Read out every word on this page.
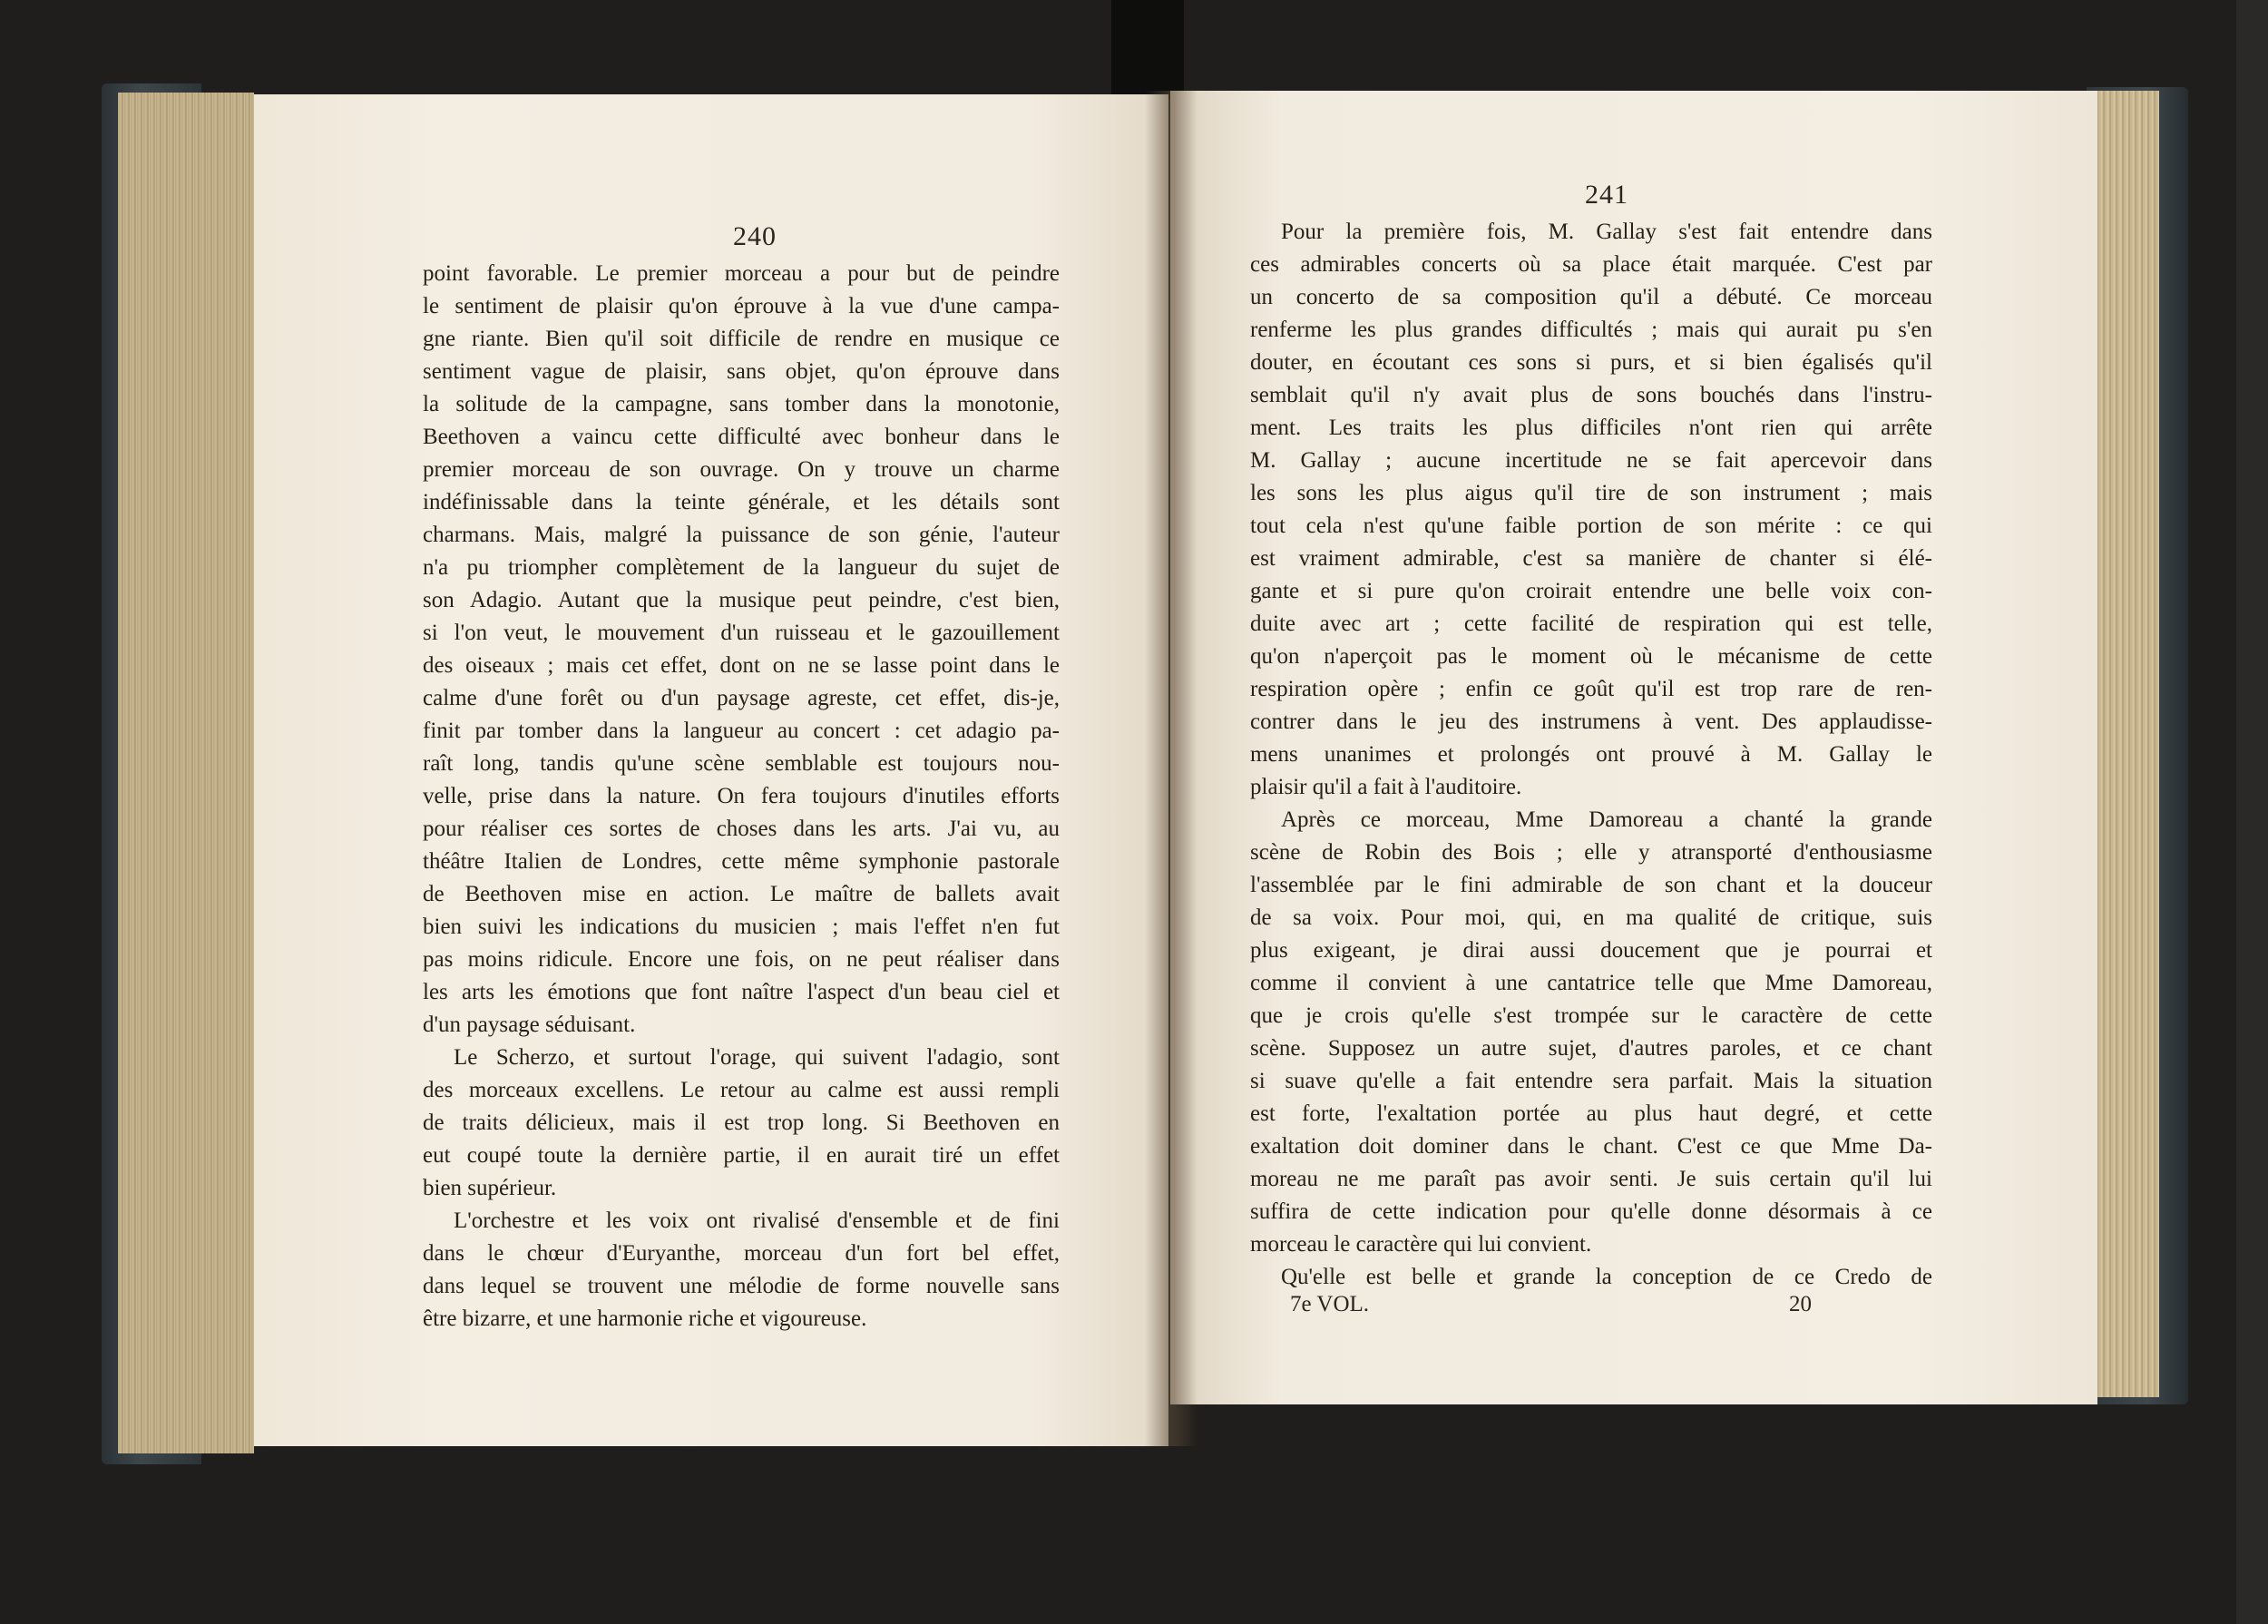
240
point favorable. Le premier morceau a pour but de peindre
le sentiment de plaisir qu'on éprouve à la vue d'une campa-
gne riante. Bien qu'il soit difficile de rendre en musique ce
sentiment vague de plaisir, sans objet, qu'on éprouve dans
la solitude de la campagne, sans tomber dans la monotonie,
Beethoven a vaincu cette difficulté avec bonheur dans le
premier morceau de son ouvrage. On y trouve un charme
indéfinissable dans la teinte générale, et les détails sont
charmans. Mais, malgré la puissance de son génie, l'auteur
n'a pu triompher complètement de la langueur du sujet de
son Adagio. Autant que la musique peut peindre, c'est bien,
si l'on veut, le mouvement d'un ruisseau et le gazouillement
des oiseaux ; mais cet effet, dont on ne se lasse point dans le
calme d'une forêt ou d'un paysage agreste, cet effet, dis-je,
finit par tomber dans la langueur au concert : cet adagio pa-
raît long, tandis qu'une scène semblable est toujours nou-
velle, prise dans la nature. On fera toujours d'inutiles efforts
pour réaliser ces sortes de choses dans les arts. J'ai vu, au
théâtre Italien de Londres, cette même symphonie pastorale
de Beethoven mise en action. Le maître de ballets avait
bien suivi les indications du musicien ; mais l'effet n'en fut
pas moins ridicule. Encore une fois, on ne peut réaliser dans
les arts les émotions que font naître l'aspect d'un beau ciel et
d'un paysage séduisant.
Le Scherzo, et surtout l'orage, qui suivent l'adagio, sont
des morceaux excellens. Le retour au calme est aussi rempli
de traits délicieux, mais il est trop long. Si Beethoven en
eut coupé toute la dernière partie, il en aurait tiré un effet
bien supérieur.
L'orchestre et les voix ont rivalisé d'ensemble et de fini
dans le chœur d'Euryanthe, morceau d'un fort bel effet,
dans lequel se trouvent une mélodie de forme nouvelle sans
être bizarre, et une harmonie riche et vigoureuse.
241
Pour la première fois, M. Gallay s'est fait entendre dans
ces admirables concerts où sa place était marquée. C'est par
un concerto de sa composition qu'il a débuté. Ce morceau
renferme les plus grandes difficultés ; mais qui aurait pu s'en
douter, en écoutant ces sons si purs, et si bien égalisés qu'il
semblait qu'il n'y avait plus de sons bouchés dans l'instru-
ment. Les traits les plus difficiles n'ont rien qui arrête
M. Gallay ; aucune incertitude ne se fait apercevoir dans
les sons les plus aigus qu'il tire de son instrument ; mais
tout cela n'est qu'une faible portion de son mérite : ce qui
est vraiment admirable, c'est sa manière de chanter si élé-
gante et si pure qu'on croirait entendre une belle voix con-
duite avec art ; cette facilité de respiration qui est telle,
qu'on n'aperçoit pas le moment où le mécanisme de cette
respiration opère ; enfin ce goût qu'il est trop rare de ren-
contrer dans le jeu des instrumens à vent. Des applaudisse-
mens unanimes et prolongés ont prouvé à M. Gallay le
plaisir qu'il a fait à l'auditoire.
Après ce morceau, Mme Damoreau a chanté la grande
scène de Robin des Bois ; elle y atransporté d'enthousiasme
l'assemblée par le fini admirable de son chant et la douceur
de sa voix. Pour moi, qui, en ma qualité de critique, suis
plus exigeant, je dirai aussi doucement que je pourrai et
comme il convient à une cantatrice telle que Mme Damoreau,
que je crois qu'elle s'est trompée sur le caractère de cette
scène. Supposez un autre sujet, d'autres paroles, et ce chant
si suave qu'elle a fait entendre sera parfait. Mais la situation
est forte, l'exaltation portée au plus haut degré, et cette
exaltation doit dominer dans le chant. C'est ce que Mme Da-
moreau ne me paraît pas avoir senti. Je suis certain qu'il lui
suffira de cette indication pour qu'elle donne désormais à ce
morceau le caractère qui lui convient.
Qu'elle est belle et grande la conception de ce Credo de
7e VOL.	20
